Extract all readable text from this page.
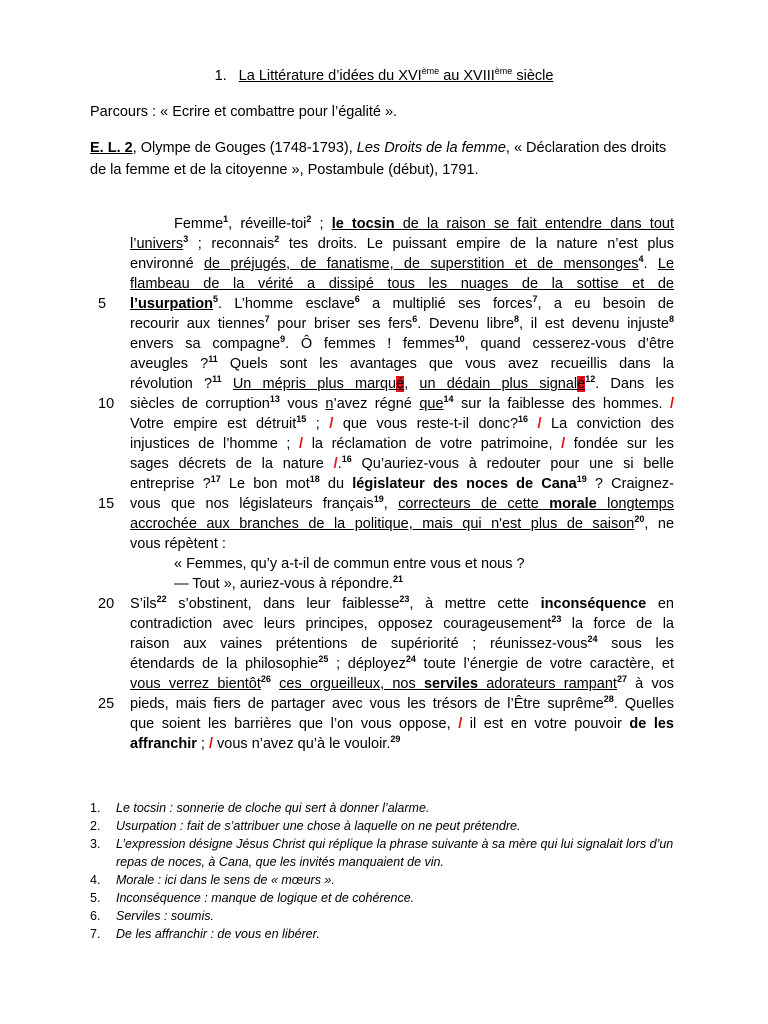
1. La Littérature d’idées du XVIème au XVIIIème siècle
Parcours : « Ecrire et combattre pour l’égalité ».
E. L. 2, Olympe de Gouges (1748-1793), Les Droits de la femme, « Déclaration des droits de la femme et de la citoyenne », Postambule (début), 1791.
Femme$^1$, réveille-toi$^2$ ; le tocsin de la raison se fait entendre dans tout
l’univers$^3$ ; reconnais$^2$ tes droits. Le puissant empire de la nature n’est plus
environné de préjugés, de fanatisme, de superstition et de mensonges$^4$. Le
flambeau de la vérité a dissipé tous les nuages de la sottise et de
5	l’usurpation$^5$. L’homme esclave$^6$ a multiplié ses forces$^7$, a eu besoin de
recourir aux tiennes$^7$ pour briser ses fers$^6$. Devenu libre$^8$, il est devenu injuste$^8$
envers sa compagne$^9$. Ô femmes ! femmes$^{10}$, quand cesserez-vous d’être
aveugles ?$^{11}$ Quels sont les avantages que vous avez recueillis dans la
révolution ?$^{11}$ Un mépris plus marqué, un dédain plus signalé$^{12}$. Dans les
10 siècles de corruption$^{13}$ vous n’avez régné que$^{14}$ sur la faiblesse des hommes. /
Votre empire est détruit$^{15}$ ; / que vous reste-t-il donc?$^{16}$ / La conviction des
injustices de l’homme ; / la réclamation de votre patrimoine, / fondée sur les
sages décrets de la nature /.$^{16}$ Qu’auriez-vous à redouter pour une si belle
entreprise ?$^{17}$ Le bon mot$^{18}$ du législateur des noces de Cana$^{19}$ ? Craignez-
15 vous que nos législateurs français$^{19}$, correcteurs de cette morale longtemps
accrochée aux branches de la politique, mais qui n'est plus de saison$^{20}$, ne
vous répètent :
« Femmes, qu’y a-t-il de commun entre vous et nous ?
— Tout », auriez-vous à répondre.$^{21}$
20 S’ils$^{22}$ s’obstinent, dans leur faiblesse$^{23}$, à mettre cette inconséquence en
contradiction avec leurs principes, opposez courageusement$^{23}$ la force de la
raison aux vaines prétentions de supériorité ; réunissez-vous$^{24}$ sous les
étendards de la philosophie$^{25}$ ; déployez$^{24}$ toute l’énergie de votre caractère, et
vous verrez bientôt$^{26}$ ces orgueilleux, nos serviles adorateurs rampant$^{27}$ à vos
25 pieds, mais fiers de partager avec vous les trésors de l’Être suprême$^{28}$. Quelles
que soient les barrières que l’on vous oppose, / il est en votre pouvoir de les
affranchir ; / vous n’avez qu’à le vouloir.$^{29}$
1. Le tocsin : sonnerie de cloche qui sert à donner l’alarme.
2. Usurpation : fait de s’attribuer une chose à laquelle on ne peut prétendre.
3. L’expression désigne Jésus Christ qui réplique la phrase suivante à sa mère qui lui signalait lors d’un repas de noces, à Cana, que les invités manquaient de vin.
4. Morale : ici dans le sens de « mœurs ».
5. Inconséquence : manque de logique et de cohérence.
6. Serviles : soumis.
7. De les affranchir : de vous en libérer.
